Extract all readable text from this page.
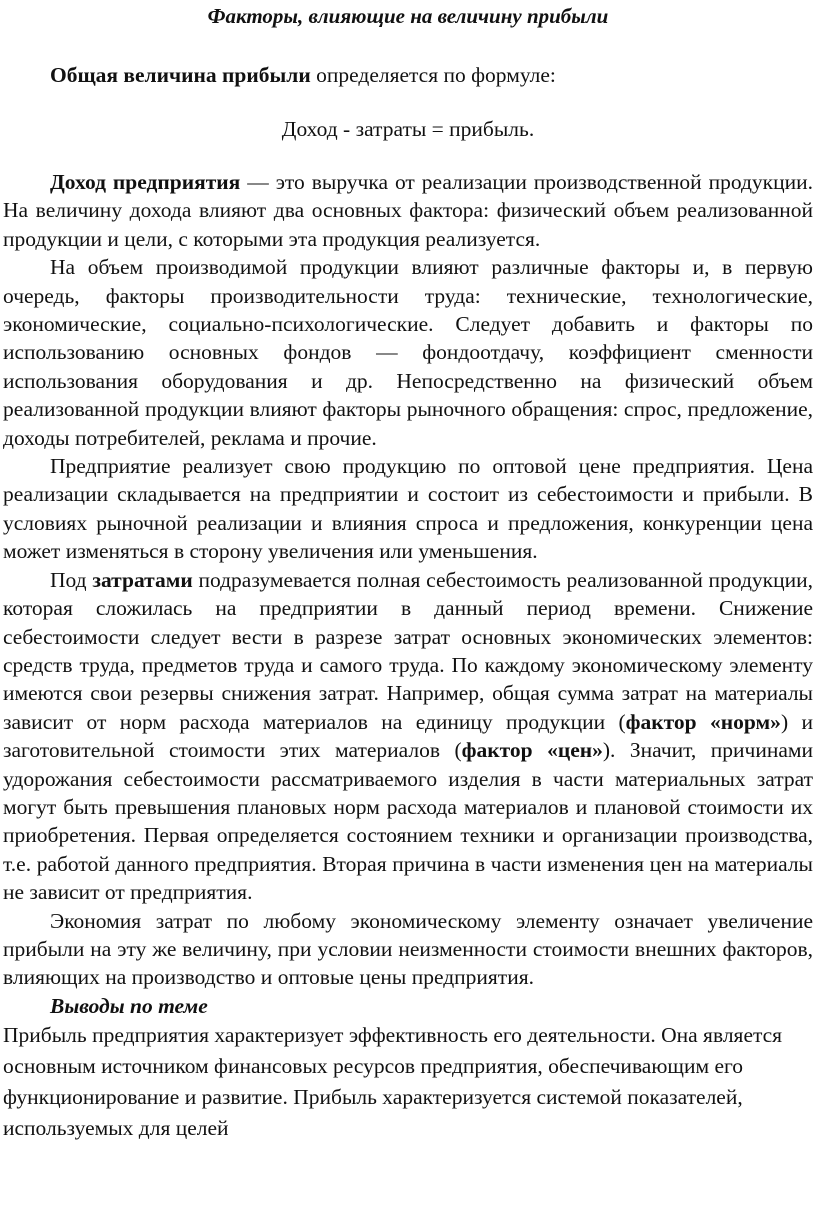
Факторы, влияющие на величину прибыли

Общая величина прибыли определяется по формуле:

Доход - затраты = прибыль.

Доход предприятия — это выручка от реализации производственной продукции. На величину дохода влияют два основных фактора: физический объем реализованной продукции и цели, с которыми эта продукция реализуется.

На объем производимой продукции влияют различные факторы и, в первую очередь, факторы производительности труда: технические, технологические, экономические, социально-психологические. Следует добавить и факторы по использованию основных фондов — фондоотдачу, коэффициент сменности использования оборудования и др. Непосредственно на физический объем реализованной продукции влияют факторы рыночного обращения: спрос, предложение, доходы потребителей, реклама и прочие.

Предприятие реализует свою продукцию по оптовой цене предприятия. Цена реализации складывается на предприятии и состоит из себестоимости и прибыли. В условиях рыночной реализации и влияния спроса и предложения, конкуренции цена может изменяться в сторону увеличения или уменьшения.

Под затратами подразумевается полная себестоимость реализованной продукции, которая сложилась на предприятии в данный период времени. Снижение себестоимости следует вести в разрезе затрат основных экономических элементов: средств труда, предметов труда и самого труда. По каждому экономическому элементу имеются свои резервы снижения затрат. Например, общая сумма затрат на материалы зависит от норм расхода материалов на единицу продукции (фактор «норм») и заготовительной стоимости этих материалов (фактор «цен»). Значит, причинами удорожания себестоимости рассматриваемого изделия в части материальных затрат могут быть превышения плановых норм расхода материалов и плановой стоимости их приобретения. Первая определяется состоянием техники и организации производства, т.е. работой данного предприятия. Вторая причина в части изменения цен на материалы не зависит от предприятия.

Экономия затрат по любому экономическому элементу означает увеличение прибыли на эту же величину, при условии неизменности стоимости внешних факторов, влияющих на производство и оптовые цены предприятия.

Выводы по теме

Прибыль предприятия характеризует эффективность его деятельности. Она является основным источником финансовых ресурсов предприятия, обеспечивающим его функционирование и развитие. Прибыль характеризуется системой показателей, используемых для целей
